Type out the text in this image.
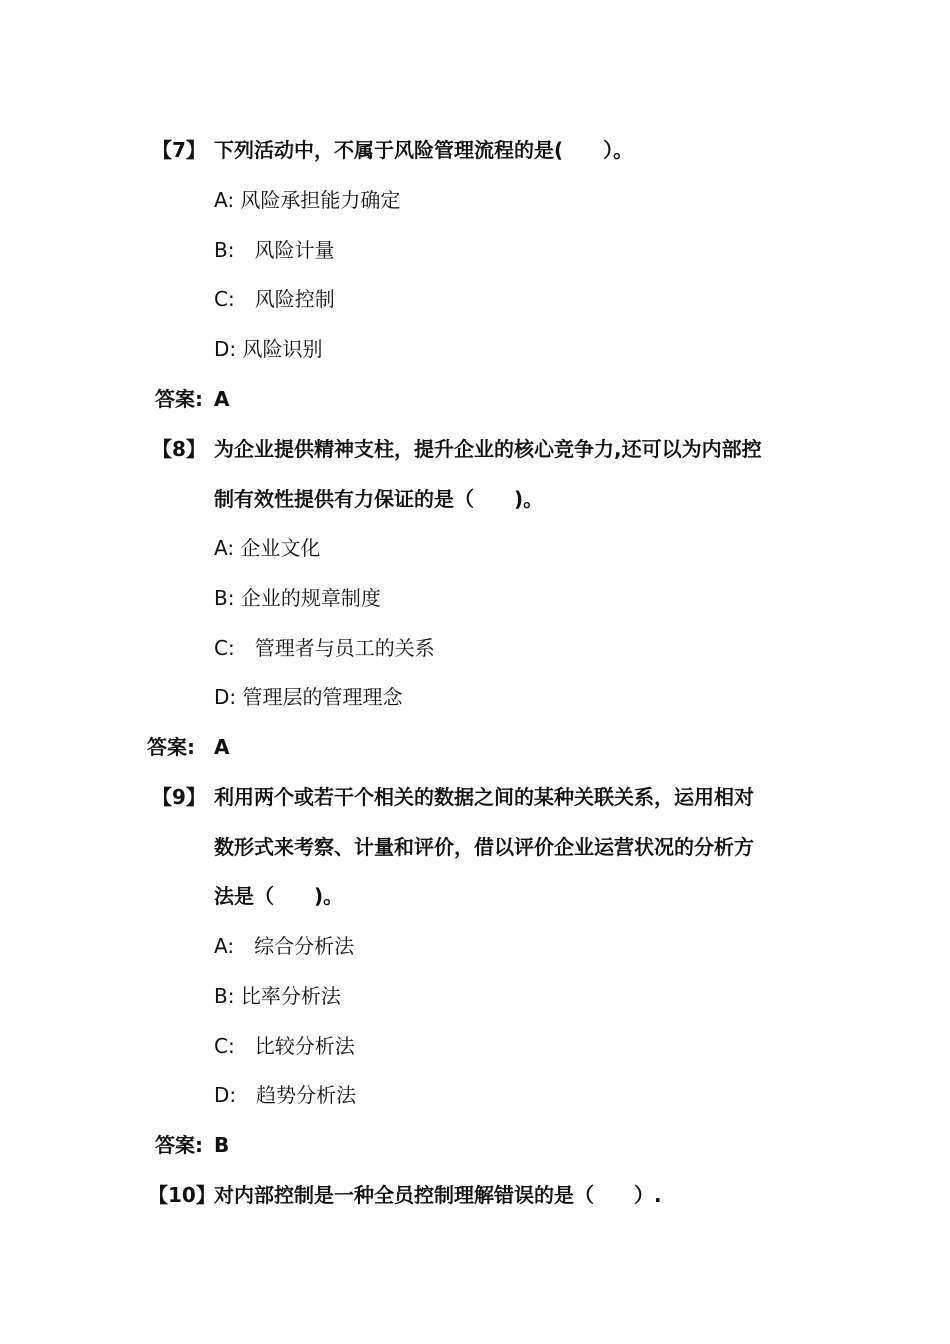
【7】 下列活动中，不属于风险管理流程的是(　　）。
A: 风险承担能力确定
B:　风险计量
C:　风险控制
D: 风险识别
答案: A
【8】 为企业提供精神支柱，提升企业的核心竞争力,还可以为内部控
制有效性提供有力保证的是（　　)。
A: 企业文化
B: 企业的规章制度
C:　管理者与员工的关系
D: 管理层的管理理念
答案: A
【9】 利用两个或若干个相关的数据之间的某种关联关系，运用相对
数形式来考察、计量和评价，借以评价企业运营状况的分析方
法是（　　)。
A:　综合分析法
B: 比率分析法
C:　比较分析法
D:　趋势分析法
答案: B
【10】
对内部控制是一种全员控制理解错误的是（　　）.
